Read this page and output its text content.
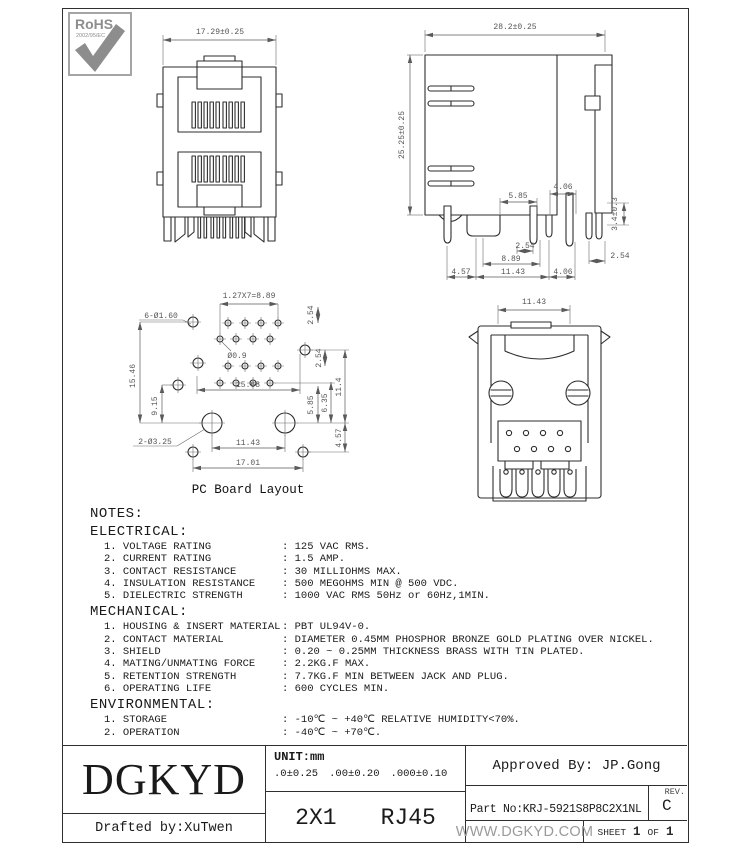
RoHS
2002/95/EC	17.29±0.25
28.2±0.25
25.25±0.25
5.85
4.06
3.4±0.3
2.54
8.89	2.54
4.57	11.43	4.06
1.27X7=8.89
2.54
6-Ø1.60
Ø0.9
15.46
9.15
15.68
2.54
5.85 6.35
11.4
4.57
2-Ø3.25	11.43
17.01
PC Board Layout
11.43
NOTES:
ELECTRICAL:
1. VOLTAGE RATING	: 125 VAC RMS.
2. CURRENT RATING	: 1.5 AMP.
3. CONTACT RESISTANCE	: 30 MILLIOHMS MAX.
4. INSULATION RESISTANCE	: 500 MEGOHMS MIN @ 500 VDC.
5. DIELECTRIC STRENGTH	: 1000 VAC RMS 50Hz or 60Hz,1MIN.
MECHANICAL:
1. HOUSING & INSERT MATERIAL : PBT UL94V-0.
2. CONTACT MATERIAL	: DIAMETER 0.45MM PHOSPHOR BRONZE GOLD PLATING OVER NICKEL.
3. SHIELD	: 0.20 ~ 0.25MM THICKNESS BRASS WITH TIN PLATED.
4. MATING/UNMATING FORCE	: 2.2KG.F MAX.
5. RETENTION STRENGTH	: 7.7KG.F MIN BETWEEN JACK AND PLUG.
6. OPERATING LIFE	: 600 CYCLES MIN.
ENVIRONMENTAL:
1. STORAGE	: -10℃ ~ +40℃ RELATIVE HUMIDITY<70%.
2. OPERATION	: -40℃ ~ +70℃.
DGKYD
Drafted by:XuTwen
UNIT:mm
.0±0.25 .00±0.20 .000±0.10
2X1 RJ45
Approved By: JP.Gong
Part No:KRJ-5921S8P8C2X1NL
REV.
C
WWW.DGKYD.COM SHEET 1 OF 1
